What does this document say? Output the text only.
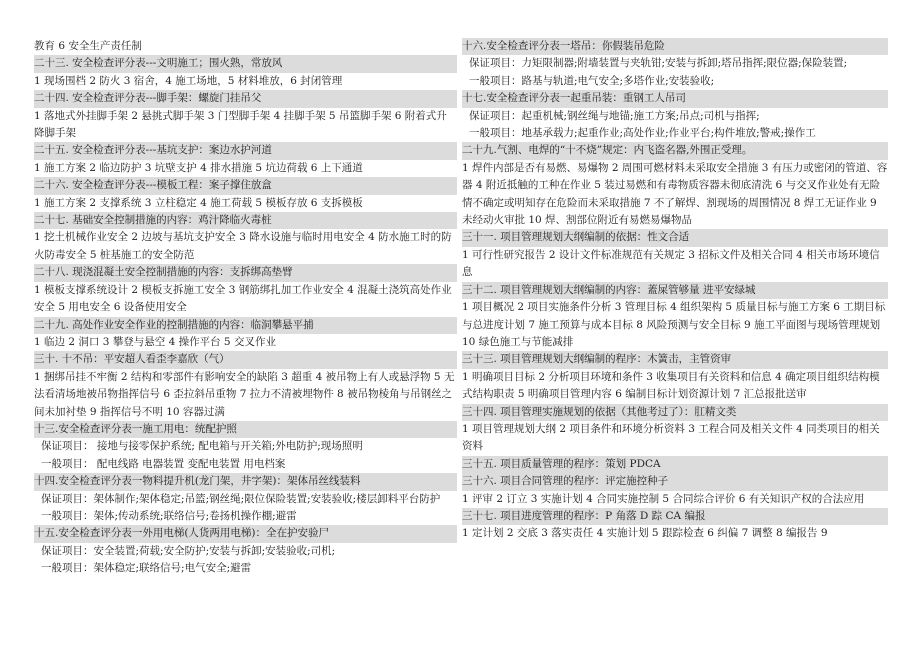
教育 6 安全生产责任制
二十三. 安全检查评分表---文明施工；围火熟，常放风
1 现场围档 2 防火 3 宿舍，4 施工场地，5 材料堆放，6 封闭管理
二十四. 安全检查评分表---脚手架：螺旋门挂吊父
1 落地式外挂脚手架 2 悬挑式脚手架 3 门型脚手架 4 挂脚手架 5 吊篮脚手架 6 附着式升降脚手架
二十五. 安全检查评分表---基坑支护：案边水护河道
1 施工方案 2 临边防护 3 坑壁支护 4 排水措施 5 坑边荷载 6 上下通道
二十六. 安全检查评分表---模板工程：案子撑住放盒
1 施工方案 2 支撑系统 3 立柱稳定 4 施工荷载 5 模板存放 6 支拆模板
二十七. 基础安全控制措施的内容：鸡汁降临火毒桩
1 挖土机械作业安全 2 边坡与基坑支护安全 3 降水设施与临时用电安全 4 防水施工时的防火防毒安全 5 桩基施工的安全防范
二十八. 现浇混凝土安全控制措施的内容：支拆绑高垫臂
1 模板支撑系统设计 2 模板支拆施工安全 3 钢筋绑扎加工作业安全 4 混凝土浇筑高处作业安全 5 用电安全 6 设备使用安全
二十九. 高处作业安全作业的控制措施的内容：临洞攀悬平捕
1 临边 2 洞口 3 攀登与悬空 4 操作平台 5 交叉作业
三十. 十不吊：平安超人看歪李嘉欣（气）
1 捆绑吊挂不牢衡 2 结构和零部件有影响安全的缺陷 3 超重 4 被吊物上有人或悬浮物 5 无法看清场地被吊物指挥信号 6 歪拉斜吊重物 7 拉力不清被埋物件 8 被吊物棱角与吊钢丝之间未加衬垫 9 指挥信号不明 10 容器过满
十三.安全检查评分表一施工用电：统配护照
保证项目： 接地与接零保护系统; 配电箱与开关箱;外电防护;现场照明
一般项目： 配电线路 电器装置 变配电装置 用电档案
十四.安全检查评分表一物料提升机(龙门架，井字架)：架体吊丝线装料
保证项目：架体制作;架体稳定;吊篮;钢丝绳;限位保险装置;安装验收;楼层卸料平台防护
一般项目：架体;传动系统;联络信号;卷扬机操作棚;避雷
十五.安全检查评分表一外用电梯(人货两用电梯)：全在护安验尸
保证项目：安全装置;荷载;安全防护;安装与拆卸;安装验收;司机;
一般项目：架体稳定;联络信号;电气安全;避雷
十六.安全检查评分表一塔吊：你假装吊危险
保证项目：力矩限制器;附墙装置与夹轨钳;安装与拆卸;塔吊指挥;限位器;保险装置;
一般项目：路基与轨道;电气安全;多塔作业;安装验收;
十七.安全检查评分表一起重吊装：重钢工人吊司
保证项目：起重机械;钢丝绳与地锚;施工方案;吊点;司机与指挥;
一般项目：地基承载力;起重作业;高处作业;作业平台;构件堆放;警戒;操作工
二十九.气割、电焊的“十不烧”规定：内飞盗名器,外围正受理。
1 焊件内部是否有易燃、易爆物 2 周围可燃材料未采取安全措施 3 有压力或密闭的管道、容器 4 附近抵触的工种在作业 5 装过易燃和有毒物质容器未彻底清洗 6 与交叉作业处有无险情不确定或明知存在危险而未采取措施 7 不了解焊、割现场的周围情况 8 焊工无证作业 9 未经动火审批 10 焊、割部位附近有易燃易爆物品
三十一. 项目管理规划大纲编制的依据：性文合适
1 可行性研究报告 2 设计文件标准规范有关规定 3 招标文件及相关合同 4 相关市场环境信息
三十二. 项目管理规划大纲编制的内容：蓋屎管够量 进平安绿城
1 项目概况 2 项目实施条件分析 3 管理目标 4 组织架构 5 质量目标与施工方案 6 工期目标与总进度计划 7 施工预算与成本目标 8 风险预测与安全目标 9 施工平面图与现场管理规划 10 绿色施工与节能减排
三十三. 项目管理规划大纲编制的程序：木簧击，主管资审
1 明确项目目标 2 分析项目环境和条件 3 收集项目有关资料和信息 4 确定项目组织结构模式结构职责 5 明确项目管理内容 6 编制目标计划资源计划 7 汇总报批送审
三十四. 项目管理实施规划的依据（其他考过了）：肛精文类
1 项目管理规划大纲 2 项目条件和环境分析资料 3 工程合同及相关文件 4 同类项目的相关资料
三十五. 项目质量管理的程序：策划 PDCA
三十六. 项目合同管理的程序：评定施控种子
1 评审 2 订立 3 实施计划 4 合同实施控制 5 合同综合评价 6 有关知识产权的合法应用
三十七. 项目进度管理的程序：P 角落 D 踪 CA 编报
1 定计划 2 交底 3 落实责任 4 实施计划 5 跟踪检查 6 纠偏 7 调整 8 编报告 9
